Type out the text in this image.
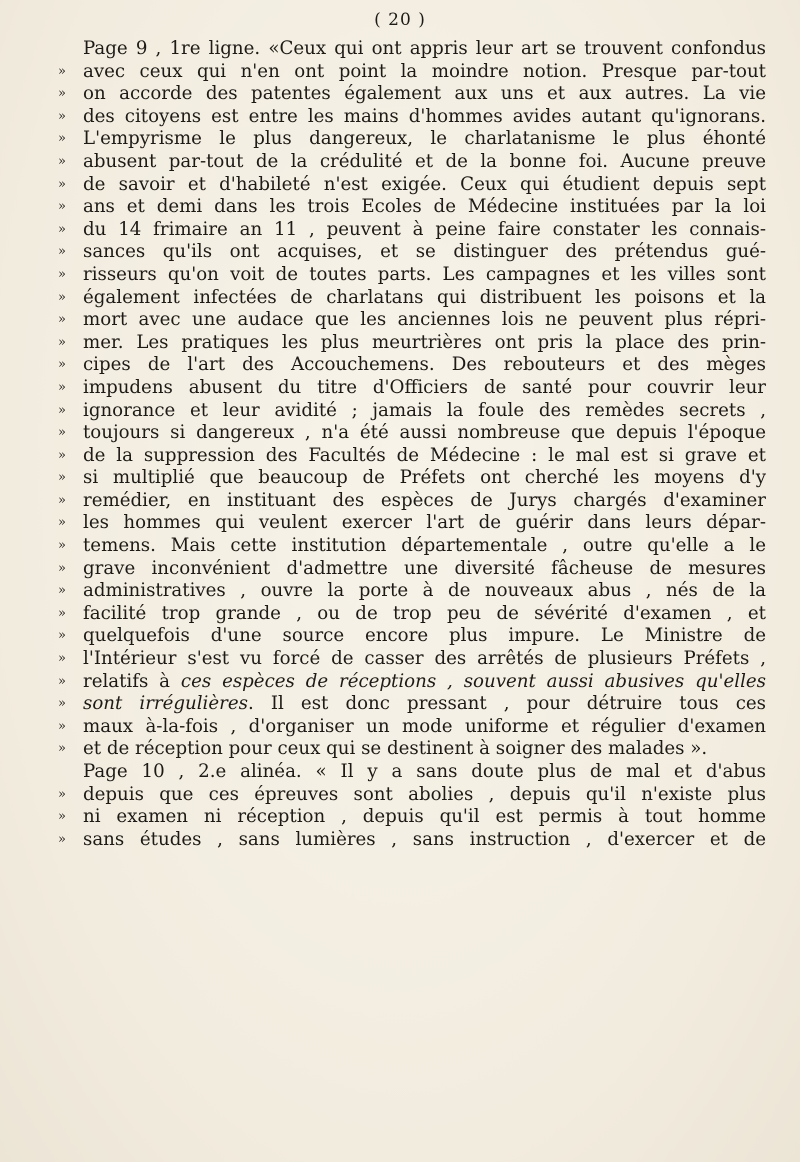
( 20 )
Page 9 , 1re ligne. «Ceux qui ont appris leur art se trouvent confondus
» avec ceux qui n'en ont point la moindre notion. Presque par-tout
» on accorde des patentes également aux uns et aux autres. La vie
» des citoyens est entre les mains d'hommes avides autant qu'ignorans.
» L'empyrisme le plus dangereux, le charlatanisme le plus éhonté
» abusent par-tout de la crédulité et de la bonne foi. Aucune preuve
» de savoir et d'habileté n'est exigée. Ceux qui étudient depuis sept
» ans et demi dans les trois Ecoles de Médecine instituées par la loi
» du 14 frimaire an 11 , peuvent à peine faire constater les connais-
» sances qu'ils ont acquises, et se distinguer des prétendus gué-
» risseurs qu'on voit de toutes parts. Les campagnes et les villes sont
» également infectées de charlatans qui distribuent les poisons et la
» mort avec une audace que les anciennes lois ne peuvent plus répri-
» mer. Les pratiques les plus meurtrières ont pris la place des prin-
» cipes de l'art des Accouchemens. Des rebouteurs et des mèges
» impudens abusent du titre d'Officiers de santé pour couvrir leur
» ignorance et leur avidité ; jamais la foule des remèdes secrets ,
» toujours si dangereux , n'a été aussi nombreuse que depuis l'époque
» de la suppression des Facultés de Médecine : le mal est si grave et
» si multiplié que beaucoup de Préfets ont cherché les moyens d'y
» remédier, en instituant des espèces de Jurys chargés d'examiner
» les hommes qui veulent exercer l'art de guérir dans leurs dépar-
» temens. Mais cette institution départementale , outre qu'elle a le
» grave inconvénient d'admettre une diversité fâcheuse de mesures
» administratives , ouvre la porte à de nouveaux abus , nés de la
» facilité trop grande , ou de trop peu de sévérité d'examen , et
» quelquefois d'une source encore plus impure. Le Ministre de
» l'Intérieur s'est vu forcé de casser des arrêtés de plusieurs Préfets ,
» relatifs à ces espèces de réceptions , souvent aussi abusives qu'elles
» sont irrégulières. Il est donc pressant , pour détruire tous ces
» maux à-la-fois , d'organiser un mode uniforme et régulier d'examen
» et de réception pour ceux qui se destinent à soigner des malades ».
Page 10 , 2.e alinéa. « Il y a sans doute plus de mal et d'abus
» depuis que ces épreuves sont abolies , depuis qu'il n'existe plus
» ni examen ni réception , depuis qu'il est permis à tout homme
» sans études , sans lumières , sans instruction , d'exercer et de
